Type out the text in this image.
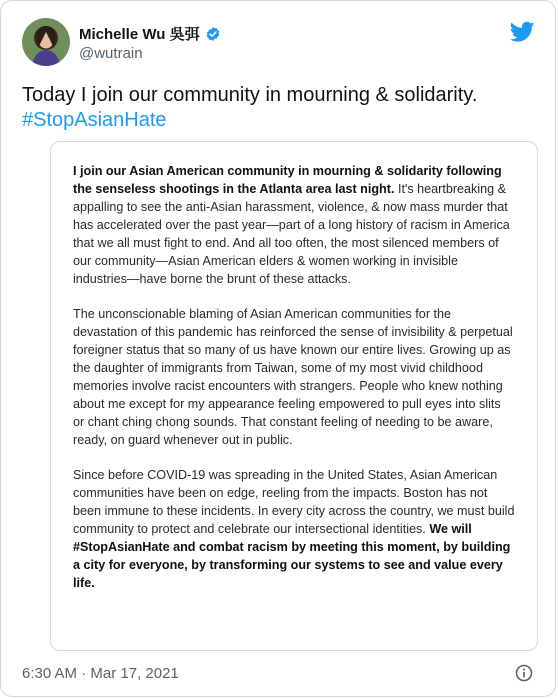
Michelle Wu 吳弭
@wutrain
Today I join our community in mourning & solidarity.
#StopAsianHate

I join our Asian American community in mourning & solidarity following the senseless shootings in the Atlanta area last night. It's heartbreaking & appalling to see the anti-Asian harassment, violence, & now mass murder that has accelerated over the past year—part of a long history of racism in America that we all must fight to end. And all too often, the most silenced members of our community—Asian American elders & women working in invisible industries—have borne the brunt of these attacks.

The unconscionable blaming of Asian American communities for the devastation of this pandemic has reinforced the sense of invisibility & perpetual foreigner status that so many of us have known our entire lives. Growing up as the daughter of immigrants from Taiwan, some of my most vivid childhood memories involve racist encounters with strangers. People who knew nothing about me except for my appearance feeling empowered to pull eyes into slits or chant ching chong sounds. That constant feeling of needing to be aware, ready, on guard whenever out in public.

Since before COVID-19 was spreading in the United States, Asian American communities have been on edge, reeling from the impacts. Boston has not been immune to these incidents. In every city across the country, we must build community to protect and celebrate our intersectional identities. We will #StopAsianHate and combat racism by meeting this moment, by building a city for everyone, by transforming our systems to see and value every life.

6:30 AM · Mar 17, 2021
